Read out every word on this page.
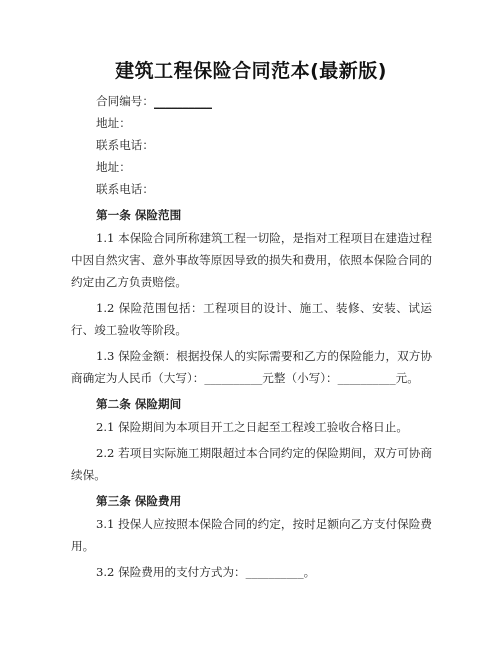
建筑工程保险合同范本(最新版)

合同编号：__________

地址：

联系电话：

地址：

联系电话：

第一条 保险范围

1.1 本保险合同所称建筑工程一切险，是指对工程项目在建造过程中因自然灾害、意外事故等原因导致的损失和费用，依照本保险合同的约定由乙方负责赔偿。

1.2 保险范围包括：工程项目的设计、施工、装修、安装、试运行、竣工验收等阶段。

1.3 保险金额：根据投保人的实际需要和乙方的保险能力，双方协商确定为人民币（大写）：__________元整（小写）：__________元。

第二条 保险期间

2.1 保险期间为本项目开工之日起至工程竣工验收合格日止。

2.2 若项目实际施工期限超过本合同约定的保险期间，双方可协商续保。

第三条 保险费用

3.1 投保人应按照本保险合同的约定，按时足额向乙方支付保险费用。

3.2 保险费用的支付方式为：__________。
